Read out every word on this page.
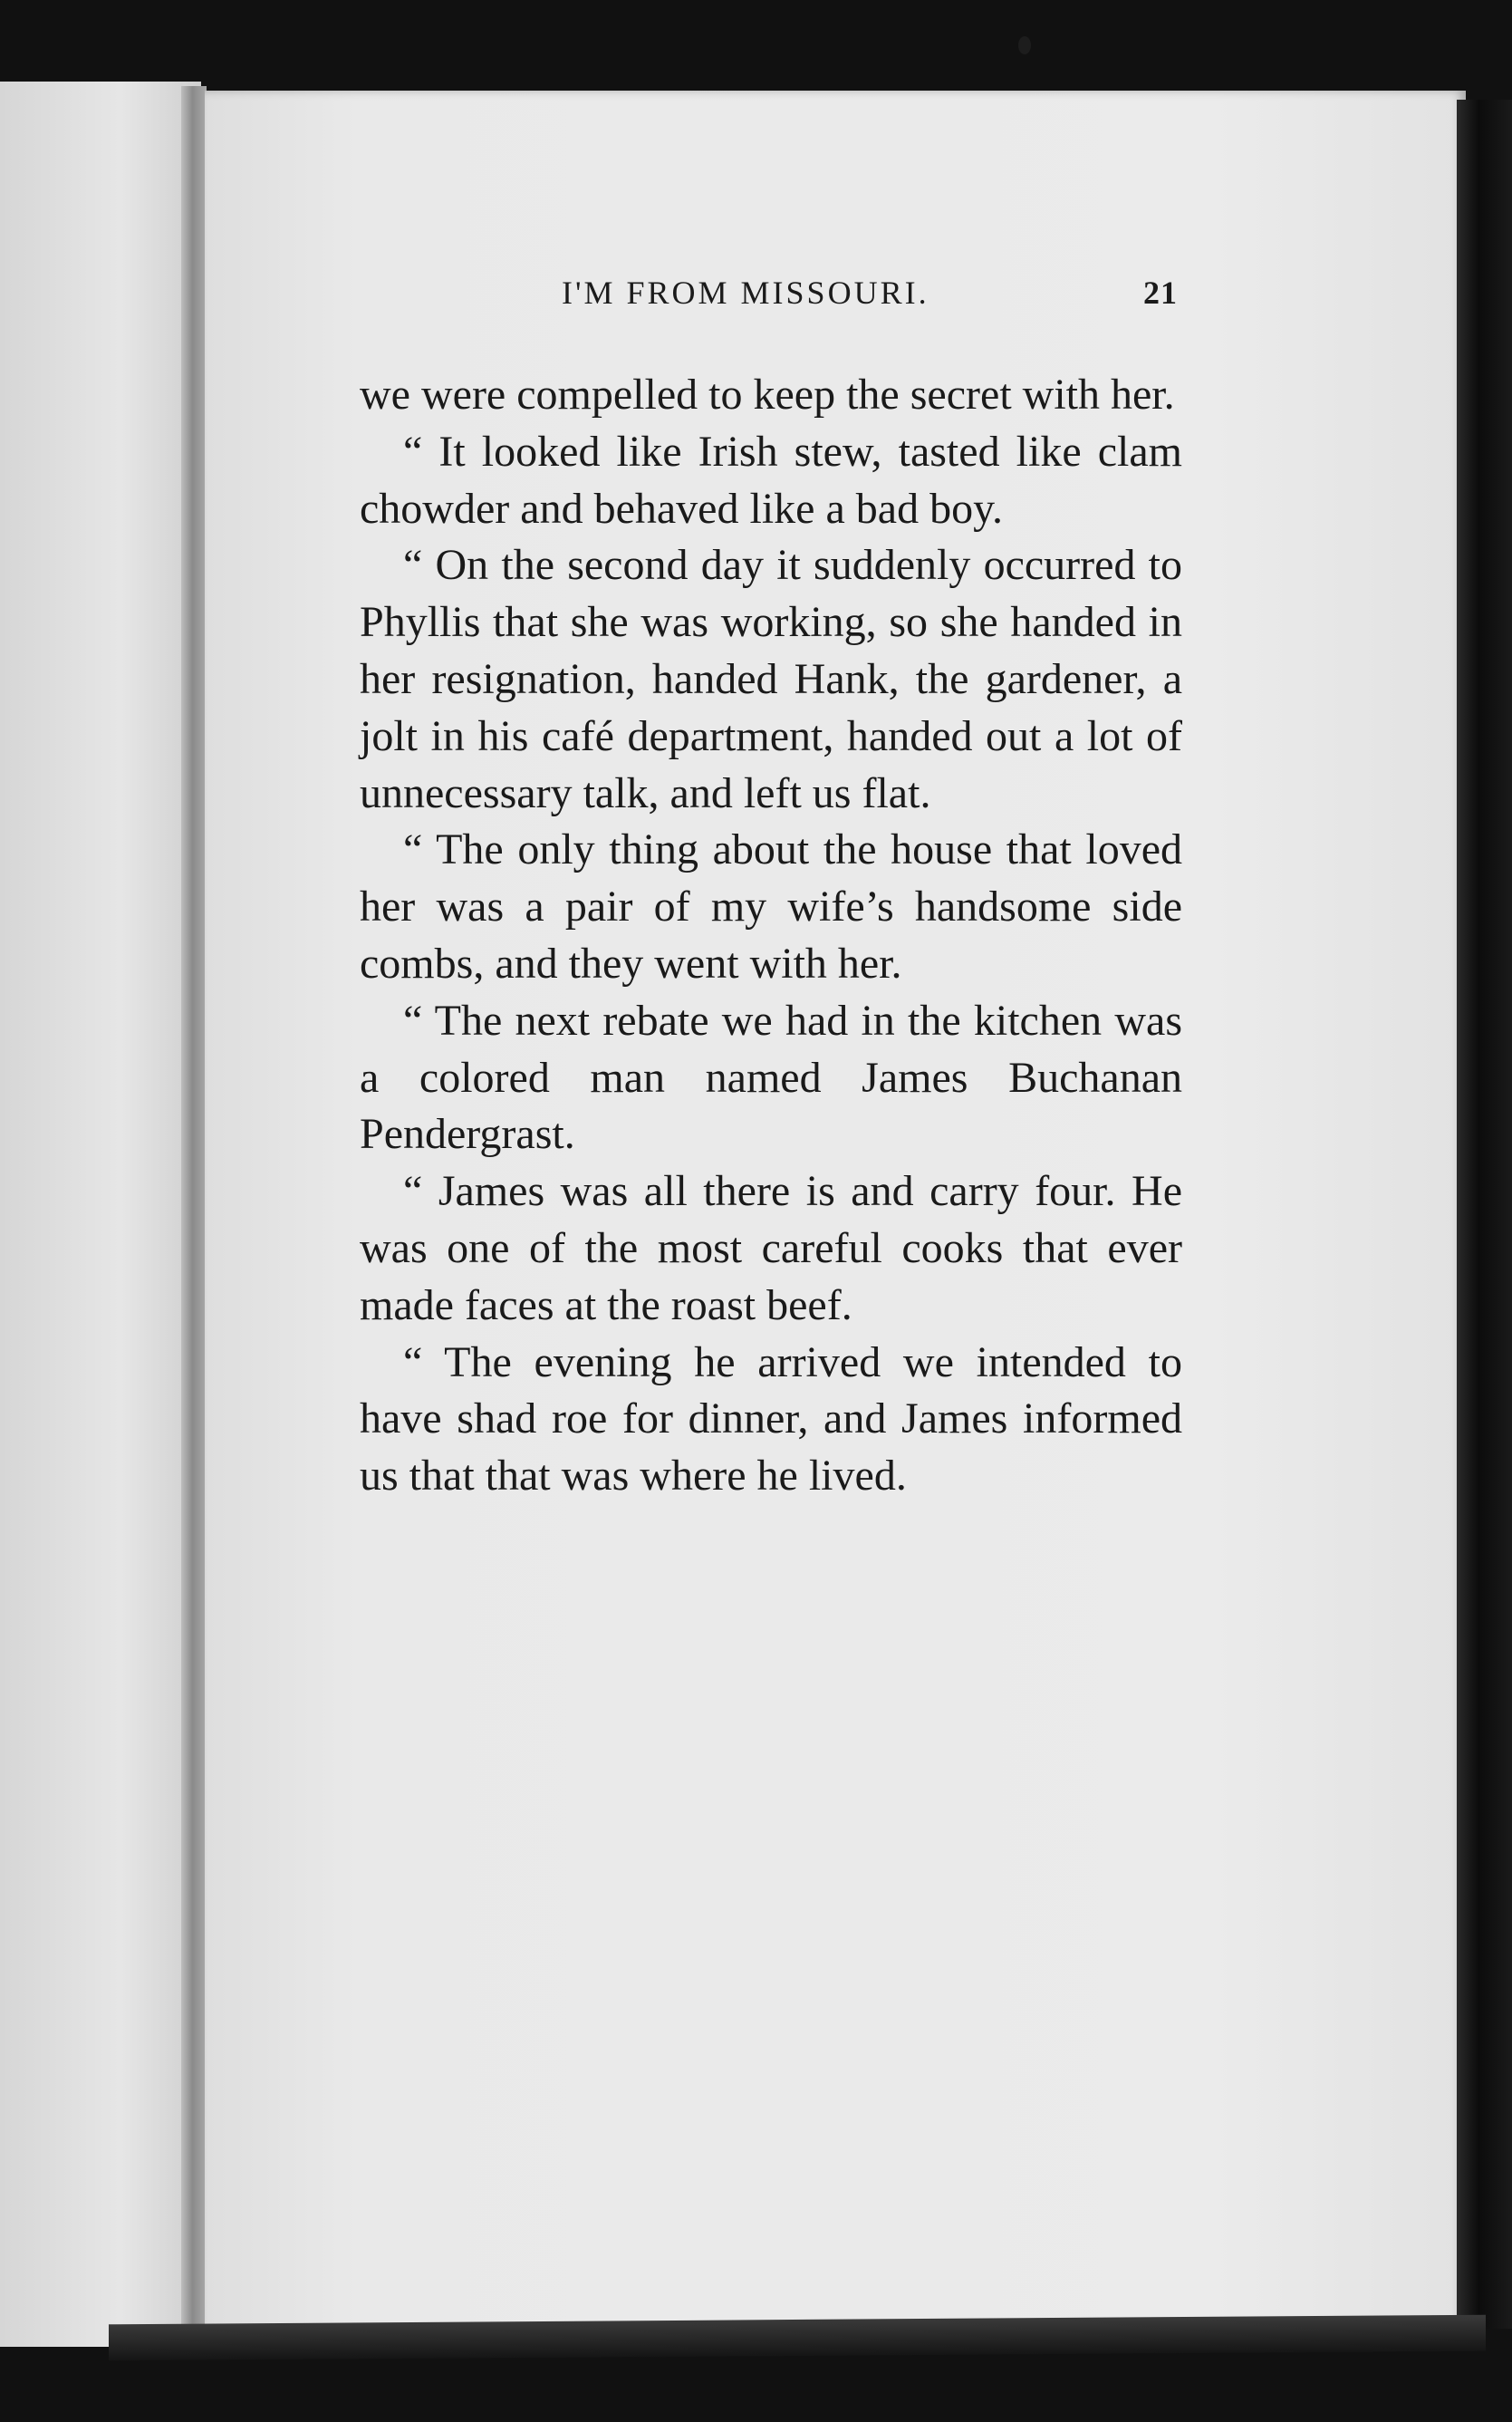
I'M FROM MISSOURI.	21

we were compelled to keep the secret with her.

“ It looked like Irish stew, tasted like clam chowder and behaved like a bad boy.

“ On the second day it suddenly occurred to Phyllis that she was working, so she handed in her resignation, handed Hank, the gardener, a jolt in his café department, handed out a lot of unnecessary talk, and left us flat.

“ The only thing about the house that loved her was a pair of my wife’s handsome side combs, and they went with her.

“ The next rebate we had in the kitchen was a colored man named James Buchanan Pendergrast.

“ James was all there is and carry four. He was one of the most careful cooks that ever made faces at the roast beef.

“ The evening he arrived we intended to have shad roe for dinner, and James informed us that that was where he lived.
